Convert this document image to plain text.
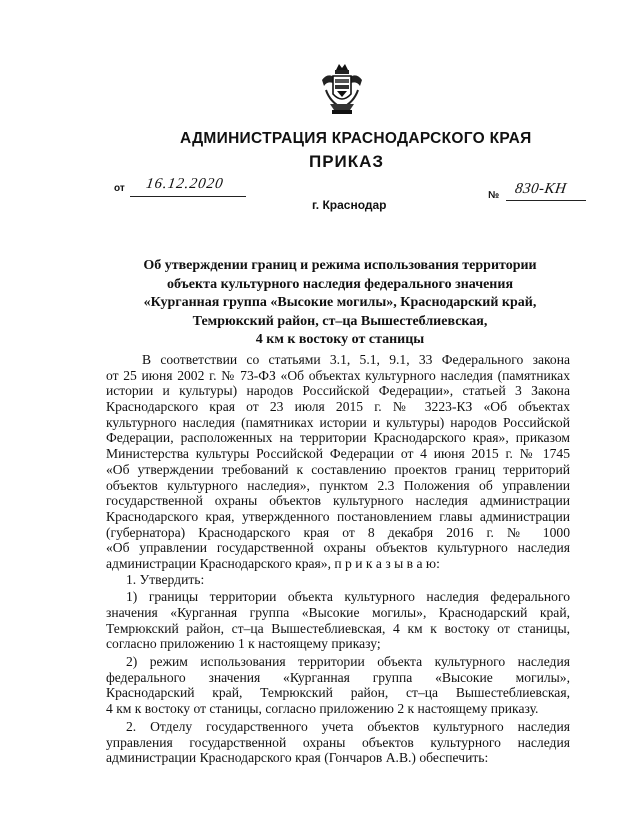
АДМИНИСТРАЦИЯ КРАСНОДАРСКОГО КРАЯ
ПРИКАЗ
от 16.12.2020
№ 830-КН
г. Краснодар
Об утверждении границ и режима использования территории
объекта культурного наследия федерального значения
«Курганная группа «Высокие могилы», Краснодарский край,
Темрюкский район, ст–ца Вышестеблиевская,
4 км к востоку от станицы
В соответствии со статьями 3.1, 5.1, 9.1, 33 Федерального закона
от 25 июня 2002 г. № 73-ФЗ «Об объектах культурного наследия (памятниках
истории и культуры) народов Российской Федерации», статьей 3 Закона
Краснодарского края от 23 июля 2015 г. № 3223-КЗ «Об объектах
культурного наследия (памятниках истории и культуры) народов Российской
Федерации, расположенных на территории Краснодарского края», приказом
Министерства культуры Российской Федерации от 4 июня 2015 г. № 1745
«Об утверждении требований к составлению проектов границ территорий
объектов культурного наследия», пунктом 2.3 Положения об управлении
государственной охраны объектов культурного наследия администрации
Краснодарского края, утвержденного постановлением главы администрации
(губернатора) Краснодарского края от 8 декабря 2016 г. № 1000
«Об управлении государственной охраны объектов культурного наследия
администрации Краснодарского края», п р и к а з ы в а ю:
1. Утвердить:
1) границы территории объекта культурного наследия федерального
значения «Курганная группа «Высокие могилы», Краснодарский край,
Темрюкский район, ст–ца Вышестеблиевская, 4 км к востоку от станицы,
согласно приложению 1 к настоящему приказу;
2) режим использования территории объекта культурного наследия
федерального значения «Курганная группа «Высокие могилы»,
Краснодарский край, Темрюкский район, ст–ца Вышестеблиевская,
4 км к востоку от станицы, согласно приложению 2 к настоящему приказу.
2. Отделу государственного учета объектов культурного наследия
управления государственной охраны объектов культурного наследия
администрации Краснодарского края (Гончаров А.В.) обеспечить:
